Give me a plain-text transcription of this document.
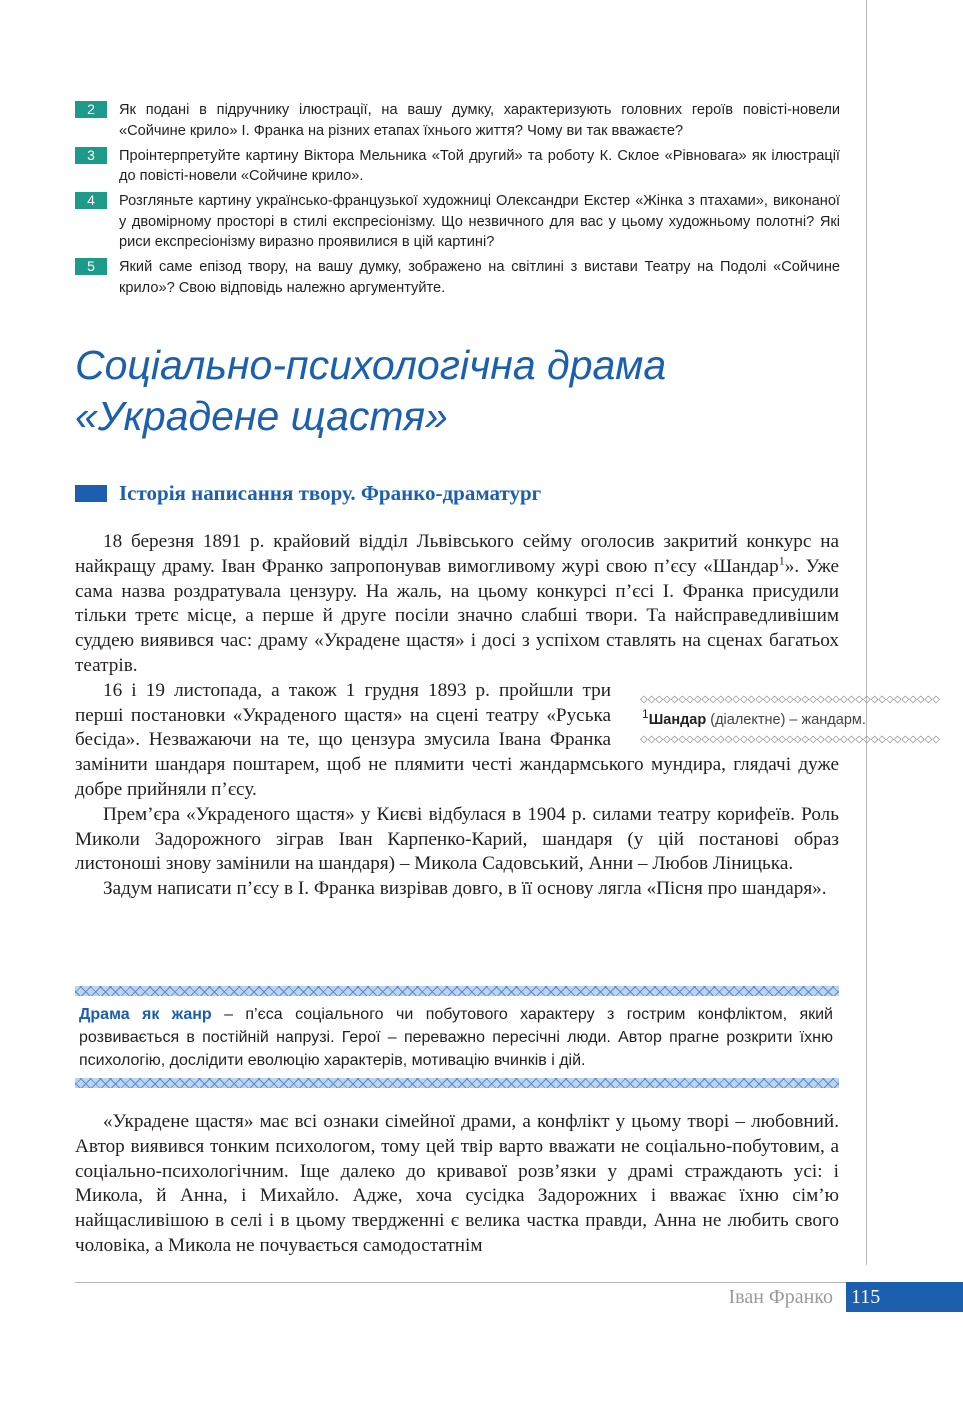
2	Як подані в підручнику ілюстрації, на вашу думку, характеризують головних героїв повісті-новели «Сойчине крило» І. Франка на різних етапах їхнього життя? Чому ви так вважаєте?
3	Проінтерпретуйте картину Віктора Мельника «Той другий» та роботу К. Склое «Рівновага» як ілюстрації до повісті-новели «Сойчине крило».
4	Розгляньте картину українсько-французької художниці Олександри Екстер «Жінка з птахами», виконаної у двомірному просторі в стилі експресіонізму. Що незвичного для вас у цьому художньому полотні? Які риси експресіонізму виразно проявилися в цій картині?
5	Який саме епізод твору, на вашу думку, зображено на світлині з вистави Театру на Подолі «Сойчине крило»? Свою відповідь належно аргументуйте.
Соціально-психологічна драма
«Украдене щастя»
Історія написання твору. Франко-драматург

18 березня 1891 р. крайовий відділ Львівського сейму оголосив закритий конкурс на найкращу драму. Іван Франко запропонував вимогливому журі свою п’єсу «Шандар$^1$». Уже сама назва роздратувала цензуру. На жаль, на цьому конкурсі п’єсі І. Франка присудили тільки третє місце, а перше й друге посіли значно слабші твори. Та найсправедливішим суддею виявився час: драму «Украдене щастя» і досі з успіхом ставлять на сценах багатьох театрів.

16 і 19 листопада, а також 1 грудня 1893 р. пройшли три перші постановки «Украденого щастя» на сцені театру «Руська бесіда». Незважаючи на те, що цензура змусила Івана Франка замінити шандаря поштарем, щоб не плямити честі жандармського мундира, глядачі дуже добре прийняли п’єсу.

Прем’єра «Украденого щастя» у Києві відбулася в 1904 р. силами театру корифеїв. Роль Миколи Задорожного зіграв Іван Карпенко-Карий, шандаря (у цій постанові образ листоноші знову замінили на шандаря) – Микола Садовський, Анни – Любов Ліницька.

Задум написати п’єсу в І. Франка визрівав довго, в її основу лягла «Пісня про шандаря».

◇◇◇◇◇◇◇◇◇◇◇◇◇◇◇◇◇◇◇◇◇◇◇◇◇◇◇◇◇◇◇◇◇◇◇◇◇◇◇
$^1$Шандар (діалектне) – жандарм.
◇◇◇◇◇◇◇◇◇◇◇◇◇◇◇◇◇◇◇◇◇◇◇◇◇◇◇◇◇◇◇◇◇◇◇◇◇◇◇
Драма як жанр – п’єса соціального чи побутового характеру з гострим конфліктом, який розвивається в постійній напрузі. Герої – переважно пересічні люди. Автор прагне розкрити їхню психологію, дослідити еволюцію характерів, мотивацію вчинків і дій.

«Украдене щастя» має всі ознаки сімейної драми, а конфлікт у цьому творі – любовний. Автор виявився тонким психологом, тому цей твір варто вважати не соціально-побутовим, а соціально-психологічним. Іще далеко до кривавої розв’язки у драмі страждають усі: і Микола, й Анна, і Михайло. Адже, хоча сусідка Задорожних і вважає їхню сім’ю найщасливішою в селі і в цьому твердженні є велика частка правди, Анна не любить свого чоловіка, а Микола не почувається самодостатнім

Іван Франко 115
